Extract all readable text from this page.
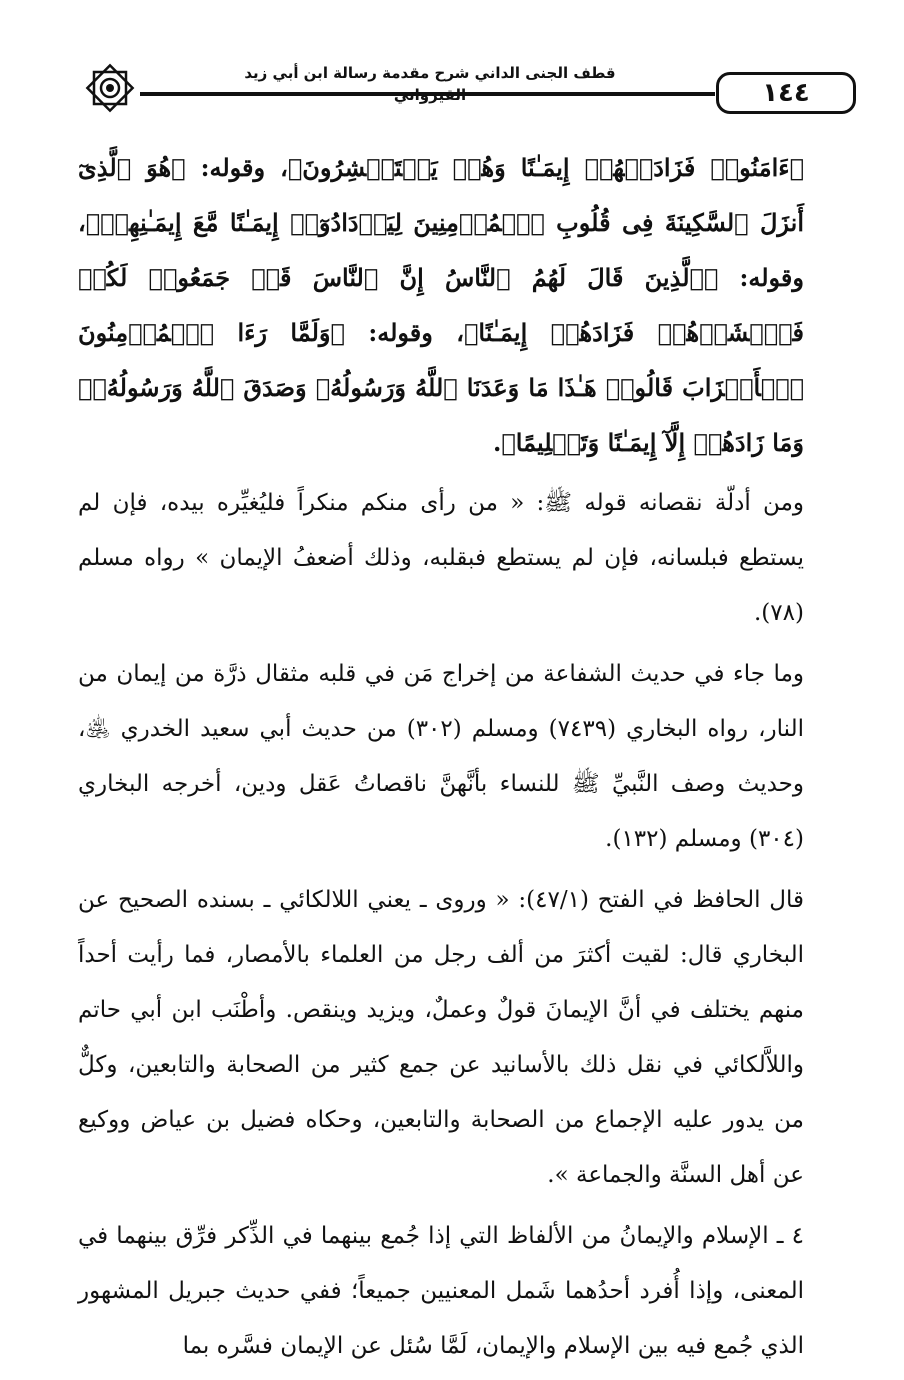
قطف الجنى الداني شرح مقدمة رسالة ابن أبي زيد القيرواني	١٤٤

﴿ءَامَنُوا۟ فَزَادَتۡهُمۡ إِيمَـٰنًا وَهُمۡ يَسۡتَبۡشِرُونَ﴾، وقوله: ﴿هُوَ ٱلَّذِىٓ أَنزَلَ ٱلسَّكِينَةَ فِى قُلُوبِ ٱلۡمُؤۡمِنِينَ لِيَزۡدَادُوٓا۟ إِيمَـٰنًا مَّعَ إِيمَـٰنِهِمۡ﴾، وقوله: ﴿ٱلَّذِينَ قَالَ لَهُمُ ٱلنَّاسُ إِنَّ ٱلنَّاسَ قَدۡ جَمَعُوا۟ لَكُمۡ فَٱخۡشَوۡهُمۡ فَزَادَهُمۡ إِيمَـٰنًا﴾، وقوله: ﴿وَلَمَّا رَءَا ٱلۡمُؤۡمِنُونَ ٱلۡأَحۡزَابَ قَالُوا۟ هَـٰذَا مَا وَعَدَنَا ٱللَّهُ وَرَسُولُهُۥ وَصَدَقَ ٱللَّهُ وَرَسُولُهُۥۚ وَمَا زَادَهُمۡ إِلَّآ إِيمَـٰنًا وَتَسۡلِيمًا﴾.

ومن أدلّة نقصانه قوله ﷺ: « من رأى منكم منكراً فليُغيِّره بيده، فإن لم يستطع فبلسانه، فإن لم يستطع فبقلبه، وذلك أضعفُ الإيمان » رواه مسلم (٧٨).

وما جاء في حديث الشفاعة من إخراج مَن في قلبه مثقال ذرَّة من إيمان من النار، رواه البخاري (٧٤٣٩) ومسلم (٣٠٢) من حديث أبي سعيد الخدري ﵁، وحديث وصف النَّبيِّ ﷺ للنساء بأنَّهنَّ ناقصاتُ عَقل ودين، أخرجه البخاري (٣٠٤) ومسلم (١٣٢).

قال الحافظ في الفتح (٤٧/١): « وروى ـ يعني اللالكائي ـ بسنده الصحيح عن البخاري قال: لقيت أكثرَ من ألف رجل من العلماء بالأمصار، فما رأيت أحداً منهم يختلف في أنَّ الإيمانَ قولٌ وعملٌ، ويزيد وينقص. وأطْنَب ابن أبي حاتم واللاَّلكائي في نقل ذلك بالأسانيد عن جمع كثير من الصحابة والتابعين، وكلٌّ من يدور عليه الإجماع من الصحابة والتابعين، وحكاه فضيل بن عياض ووكيع عن أهل السنَّة والجماعة ».

٤ ـ الإسلام والإيمانُ من الألفاظ التي إذا جُمع بينهما في الذِّكر فرِّق بينهما في المعنى، وإذا أُفرد أحدُهما شَمل المعنيين جميعاً؛ ففي حديث جبريل المشهور الذي جُمع فيه بين الإسلام والإيمان، لَمَّا سُئل عن الإيمان فسَّره بما
